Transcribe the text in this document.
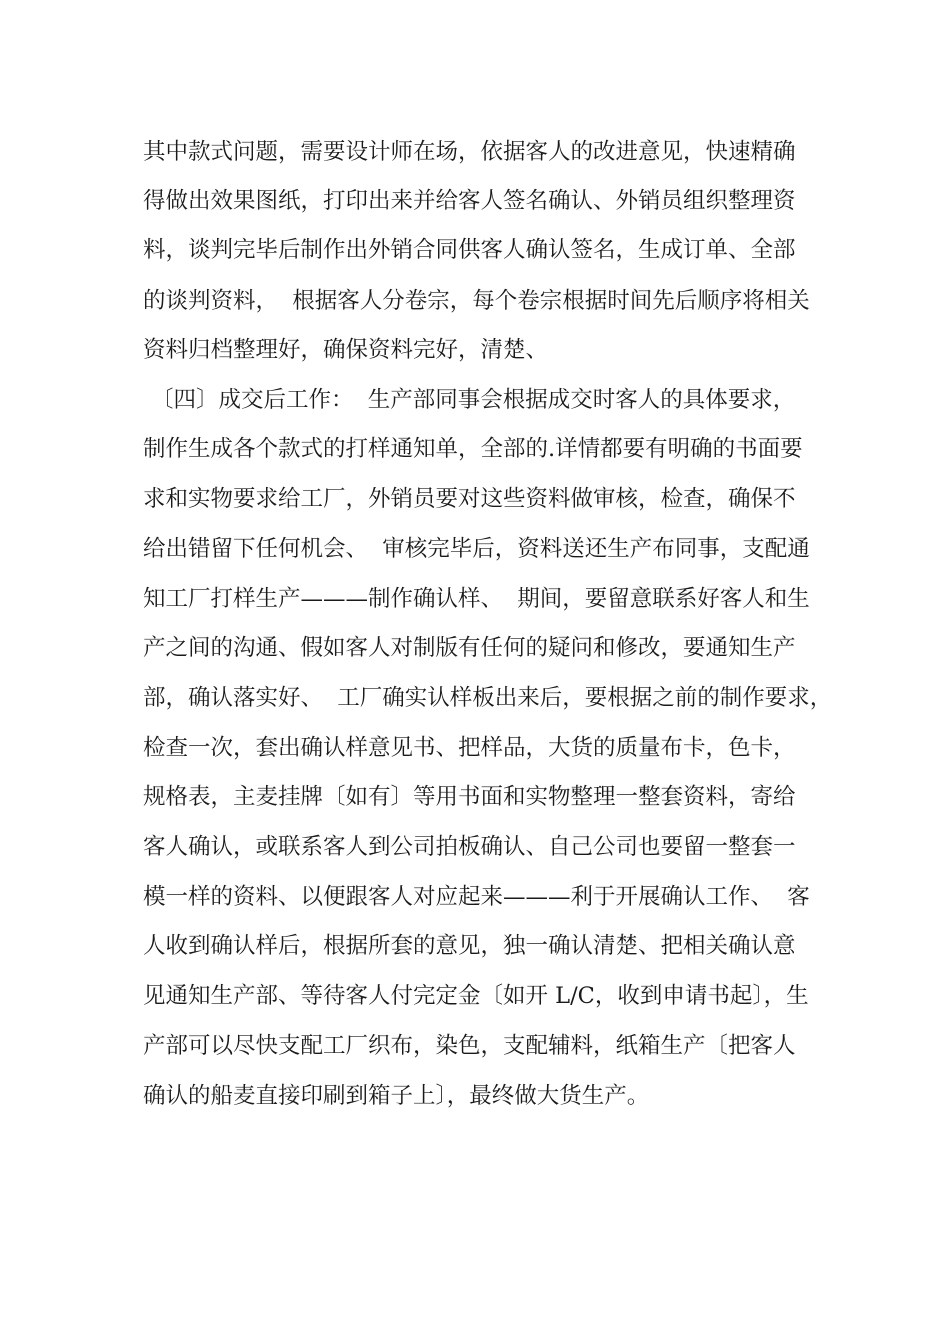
其中款式问题，需要设计师在场，依据客人的改进意见，快速精确
得做出效果图纸，打印出来并给客人签名确认、外销员组织整理资
料，谈判完毕后制作出外销合同供客人确认签名，生成订单、全部
的谈判资料，  根据客人分卷宗，每个卷宗根据时间先后顺序将相关
资料归档整理好，确保资料完好，清楚、
〔四〕成交后工作：  生产部同事会根据成交时客人的具体要求，
制作生成各个款式的打样通知单，全部的.详情都要有明确的书面要
求和实物要求给工厂，外销员要对这些资料做审核，检查，确保不
给出错留下任何机会、  审核完毕后，资料送还生产布同事，支配通
知工厂打样生产———制作确认样、  期间，要留意联系好客人和生
产之间的沟通、假如客人对制版有任何的疑问和修改，要通知生产
部，确认落实好、  工厂确实认样板出来后，要根据之前的制作要求，
检查一次，套出确认样意见书、把样品，大货的质量布卡，色卡，
规格表，主麦挂牌〔如有〕等用书面和实物整理一整套资料，寄给
客人确认，或联系客人到公司拍板确认、自己公司也要留一整套一
模一样的资料、以便跟客人对应起来———利于开展确认工作、  客
人收到确认样后，根据所套的意见，独一确认清楚、把相关确认意
见通知生产部、等待客人付完定金〔如开 L/C，收到申请书起〕，生
产部可以尽快支配工厂织布，染色，支配辅料，纸箱生产〔把客人
确认的船麦直接印刷到箱子上〕，最终做大货生产。
